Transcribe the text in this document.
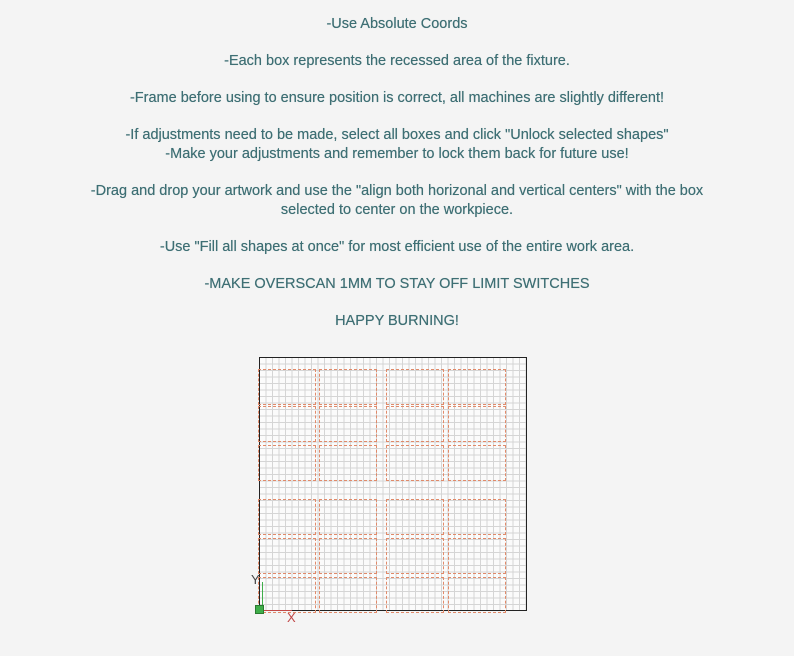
-Use Absolute Coords

-Each box represents the recessed area of the fixture.

-Frame before using to ensure position is correct, all machines are slightly different!

-If adjustments need to be made, select all boxes and click "Unlock selected shapes"
-Make your adjustments and remember to lock them back for future use!

-Drag and drop your artwork and use the "align both horizonal and vertical centers" with the box
selected to center on the workpiece.

-Use "Fill all shapes at once" for most efficient use of the entire work area.

-MAKE OVERSCAN 1MM TO STAY OFF LIMIT SWITCHES

HAPPY BURNING!

Y
X
